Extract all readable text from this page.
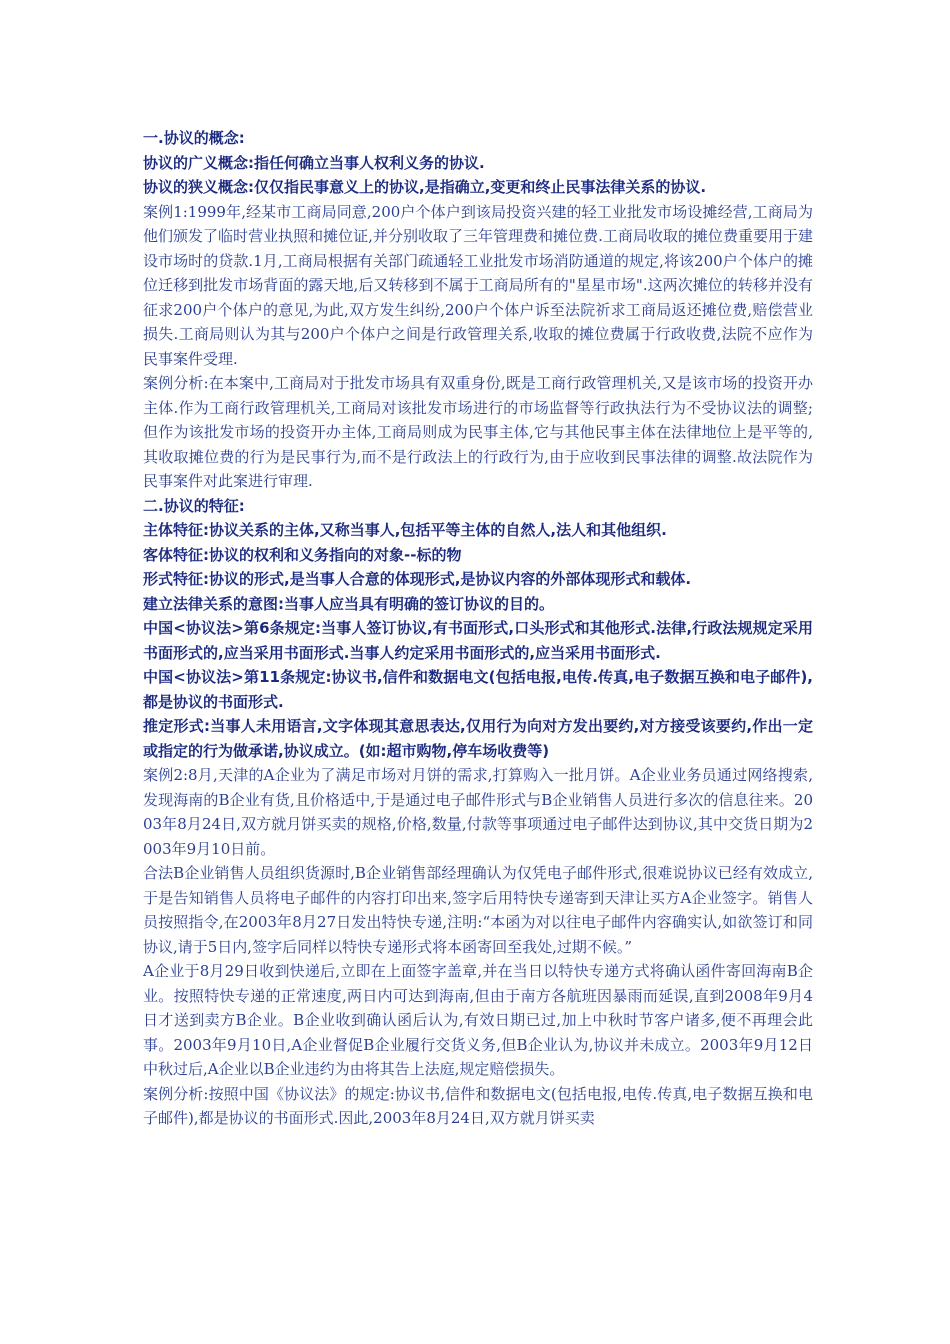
一.协议的概念:

协议的广义概念:指任何确立当事人权利义务的协议.

协议的狭义概念:仅仅指民事意义上的协议,是指确立,变更和终止民事法律关系的协议.

案例1:1999年,经某市工商局同意,200户个体户到该局投资兴建的轻工业批发市场设摊经营,工商局为他们颁发了临时营业执照和摊位证,并分别收取了三年管理费和摊位费.工商局收取的摊位费重要用于建设市场时的贷款.1月,工商局根据有关部门疏通轻工业批发市场消防通道的规定,将该200户个体户的摊位迁移到批发市场背面的露天地,后又转移到不属于工商局所有的"星星市场".这两次摊位的转移并没有征求200户个体户的意见,为此,双方发生纠纷,200户个体户诉至法院祈求工商局返还摊位费,赔偿营业损失.工商局则认为其与200户个体户之间是行政管理关系,收取的摊位费属于行政收费,法院不应作为民事案件受理.

案例分析:在本案中,工商局对于批发市场具有双重身份,既是工商行政管理机关,又是该市场的投资开办主体.作为工商行政管理机关,工商局对该批发市场进行的市场监督等行政执法行为不受协议法的调整;但作为该批发市场的投资开办主体,工商局则成为民事主体,它与其他民事主体在法律地位上是平等的,其收取摊位费的行为是民事行为,而不是行政法上的行政行为,由于应收到民事法律的调整.故法院作为民事案件对此案进行审理.

二.协议的特征:

主体特征:协议关系的主体,又称当事人,包括平等主体的自然人,法人和其他组织.

客体特征:协议的权利和义务指向的对象--标的物

形式特征:协议的形式,是当事人合意的体现形式,是协议内容的外部体现形式和载体.

建立法律关系的意图:当事人应当具有明确的签订协议的目的。

中国<协议法>第6条规定:当事人签订协议,有书面形式,口头形式和其他形式.法律,行政法规规定采用书面形式的,应当采用书面形式.当事人约定采用书面形式的,应当采用书面形式.

中国<协议法>第11条规定:协议书,信件和数据电文(包括电报,电传.传真,电子数据互换和电子邮件),都是协议的书面形式.

推定形式:当事人未用语言,文字体现其意思表达,仅用行为向对方发出要约,对方接受该要约,作出一定或指定的行为做承诺,协议成立。(如:超市购物,停车场收费等)

案例2:8月,天津的A企业为了满足市场对月饼的需求,打算购入一批月饼。A企业业务员通过网络搜索,发现海南的B企业有货,且价格适中,于是通过电子邮件形式与B企业销售人员进行多次的信息往来。2003年8月24日,双方就月饼买卖的规格,价格,数量,付款等事项通过电子邮件达到协议,其中交货日期为2003年9月10日前。

合法B企业销售人员组织货源时,B企业销售部经理确认为仅凭电子邮件形式,很难说协议已经有效成立, 于是告知销售人员将电子邮件的内容打印出来,签字后用特快专递寄到天津让买方A企业签字。销售人员按照指令,在2003年8月27日发出特快专递,注明:“本函为对以往电子邮件内容确实认,如欲签订和同协议,请于5日内,签字后同样以特快专递形式将本函寄回至我处,过期不候。”

A企业于8月29日收到快递后,立即在上面签字盖章,并在当日以特快专递方式将确认函件寄回海南B企业。按照特快专递的正常速度,两日内可达到海南,但由于南方各航班因暴雨而延误,直到2008年9月4日才送到卖方B企业。B企业收到确认函后认为,有效日期已过,加上中秋时节客户诸多,便不再理会此事。2003年9月10日,A企业督促B企业履行交货义务,但B企业认为,协议并未成立。2003年9月12日中秋过后,A企业以B企业违约为由将其告上法庭,规定赔偿损失。

案例分析:按照中国《协议法》的规定:协议书,信件和数据电文(包括电报,电传.传真,电子数据互换和电子邮件),都是协议的书面形式.因此,2003年8月24日,双方就月饼买卖
